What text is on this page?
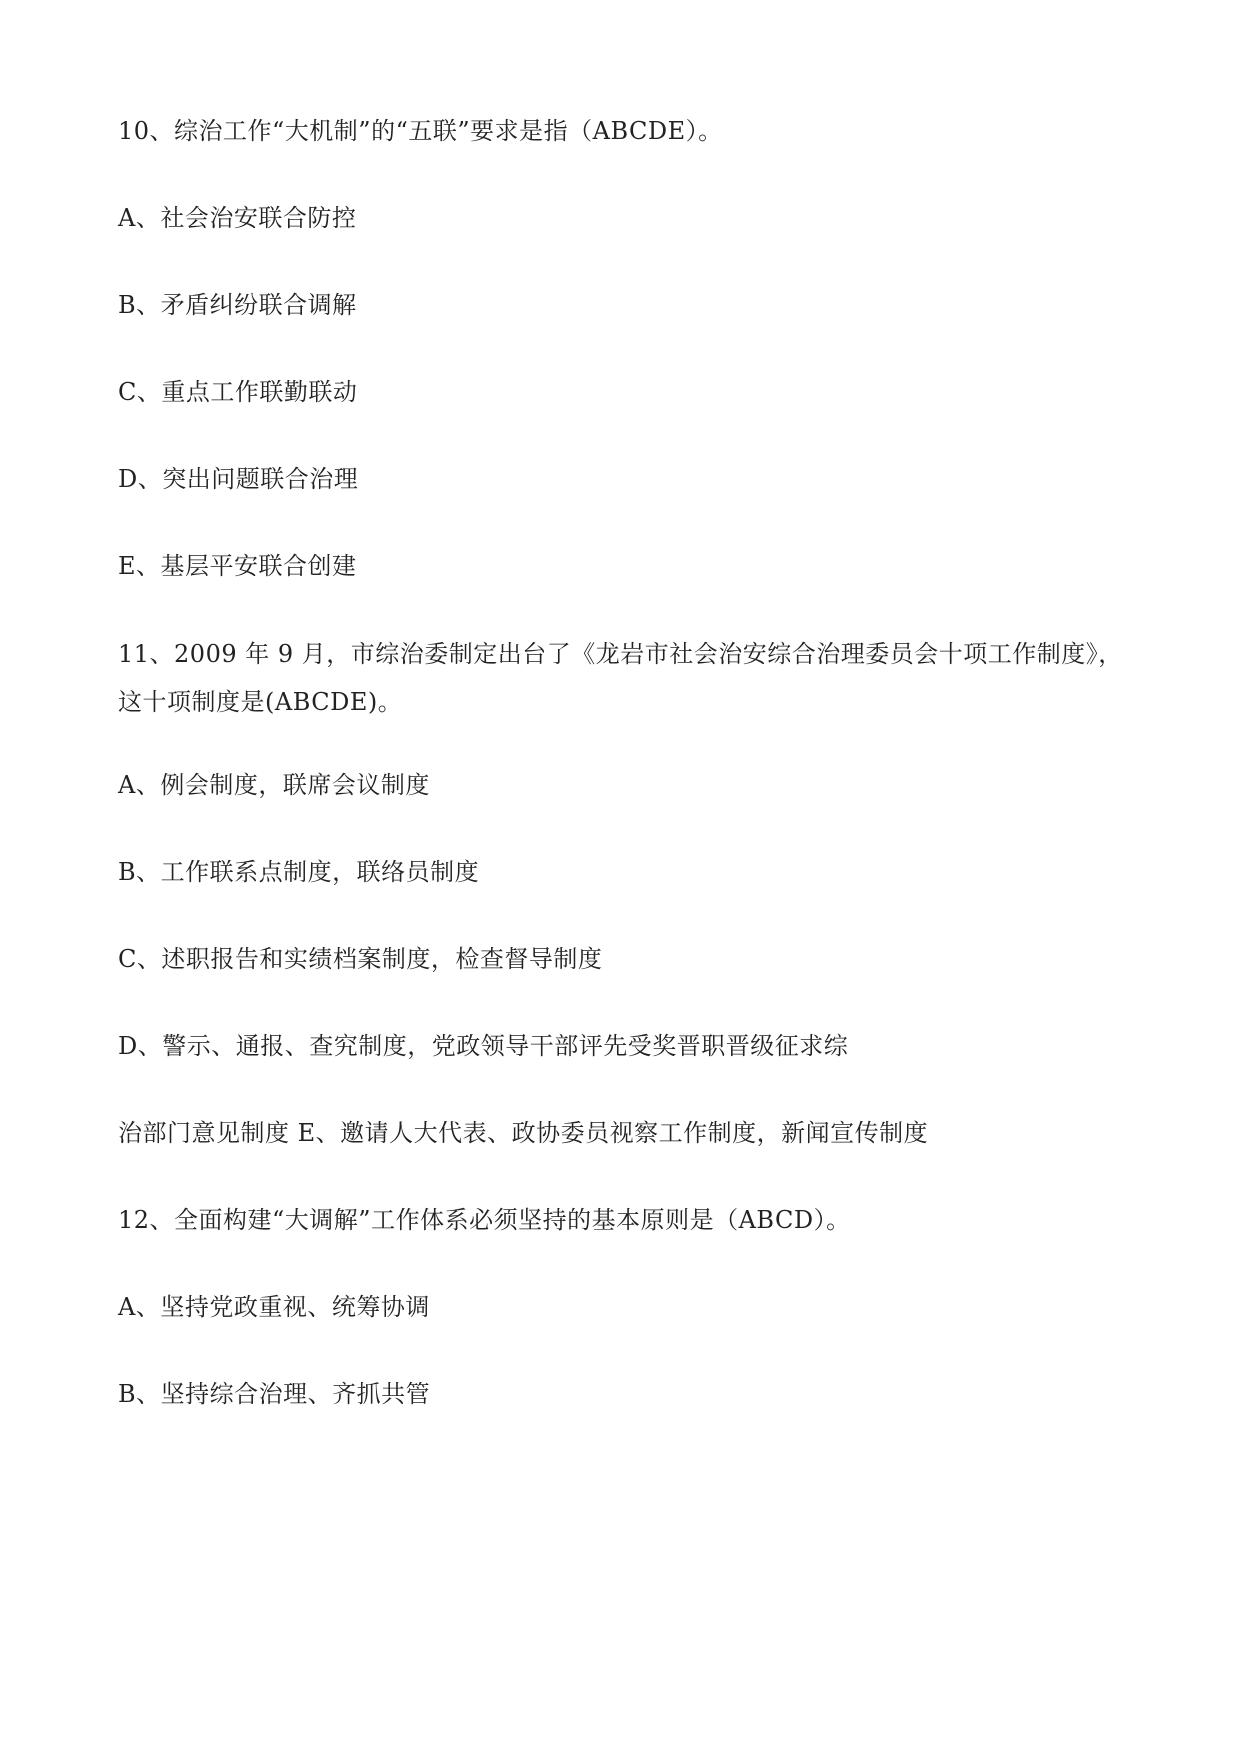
10、综治工作“大机制”的“五联”要求是指（ABCDE）。
A、社会治安联合防控
B、矛盾纠纷联合调解
C、重点工作联勤联动
D、突出问题联合治理
E、基层平安联合创建
11、2009 年 9 月，市综治委制定出台了《龙岩市社会治安综合治理委员会十项工作制度》，
这十项制度是(ABCDE)。
A、例会制度，联席会议制度
B、工作联系点制度，联络员制度
C、述职报告和实绩档案制度，检查督导制度
D、警示、通报、查究制度，党政领导干部评先受奖晋职晋级征求综
治部门意见制度 E、邀请人大代表、政协委员视察工作制度，新闻宣传制度
12、全面构建“大调解”工作体系必须坚持的基本原则是（ABCD）。
A、坚持党政重视、统筹协调
B、坚持综合治理、齐抓共管
